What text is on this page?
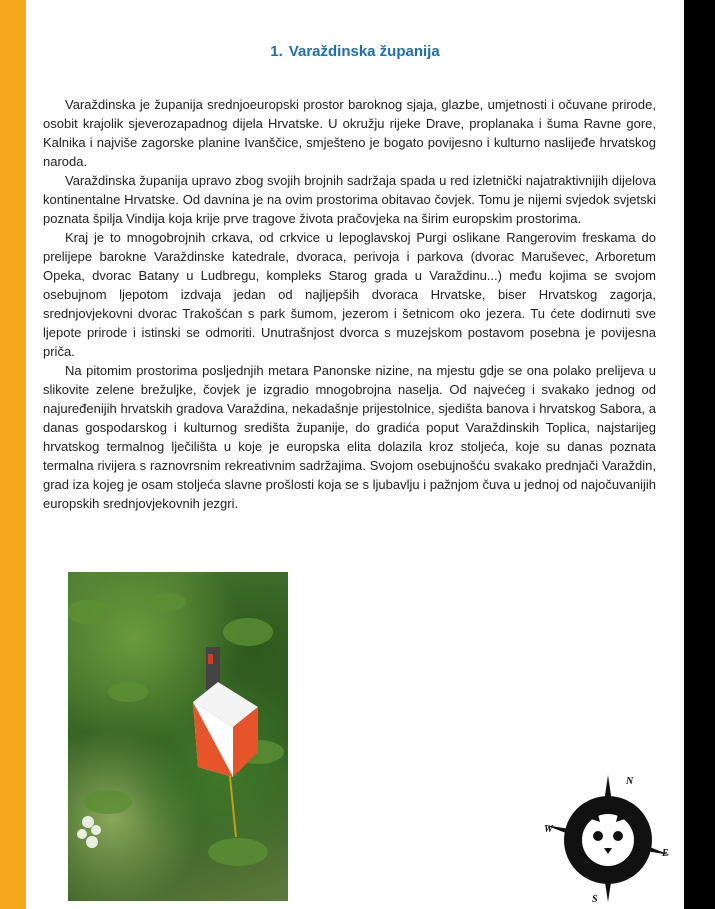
1. Varaždinska županija

Varaždinska je županija srednjoeuropski prostor baroknog sjaja, glazbe, umjetnosti i očuvane prirode, osobit krajolik sjeverozapadnog dijela Hrvatske. U okružju rijeke Drave, proplanaka i šuma Ravne gore, Kalnika i najviše zagorske planine Ivanščice, smješteno je bogato povijesno i kulturno naslijeđe hrvatskog naroda.

Varaždinska županija upravo zbog svojih brojnih sadržaja spada u red izletnički najatraktivnijih dijelova kontinentalne Hrvatske. Od davnina je na ovim prostorima obitavao čovjek. Tomu je nijemi svjedok svjetski poznata špilja Vindija koja krije prve tragove života pračovjeka na širim europskim prostorima.

Kraj je to mnogobrojnih crkava, od crkvice u lepoglavskoj Purgi oslikane Rangerovim freskama do prelijepe barokne Varaždinske katedrale, dvoraca, perivoja i parkova (dvorac Maruševec, Arboretum Opeka, dvorac Batany u Ludbregu, kompleks Starog grada u Varaždinu...) među kojima se svojom osebujnom ljepotom izdvaja jedan od najljepših dvoraca Hrvatske, biser Hrvatskog zagorja, srednjovjekovni dvorac Trakošćan s park šumom, jezerom i šetnicom oko jezera. Tu ćete dodirnuti sve ljepote prirode i istinski se odmoriti. Unutrašnjost dvorca s muzejskom postavom posebna je povijesna priča.

Na pitomim prostorima posljednjih metara Panonske nizine, na mjestu gdje se ona polako prelijeva u slikovite zelene brežuljke, čovjek je izgradio mnogobrojna naselja. Od najvećeg i svakako jednog od najuređenijih hrvatskih gradova Varaždina, nekadašnje prijestolnice, sjedišta banova i hrvatskog Sabora, a danas gospodarskog i kulturnog središta županije, do gradića poput Varaždinskih Toplica, najstarijeg hrvatskog termalnog lječilišta u koje je europska elita dolazila kroz stoljeća, koje su danas poznata termalna rivijera s raznovrsnim rekreativnim sadržajima. Svojom osebujnošću svakako prednjači Varaždin, grad iza kojeg je osam stoljeća slavne prošlosti koja se s ljubavlju i pažnjom čuva u jednoj od najočuvanijih europskih srednjovjekovnih jezgri.

N
E
S
W
